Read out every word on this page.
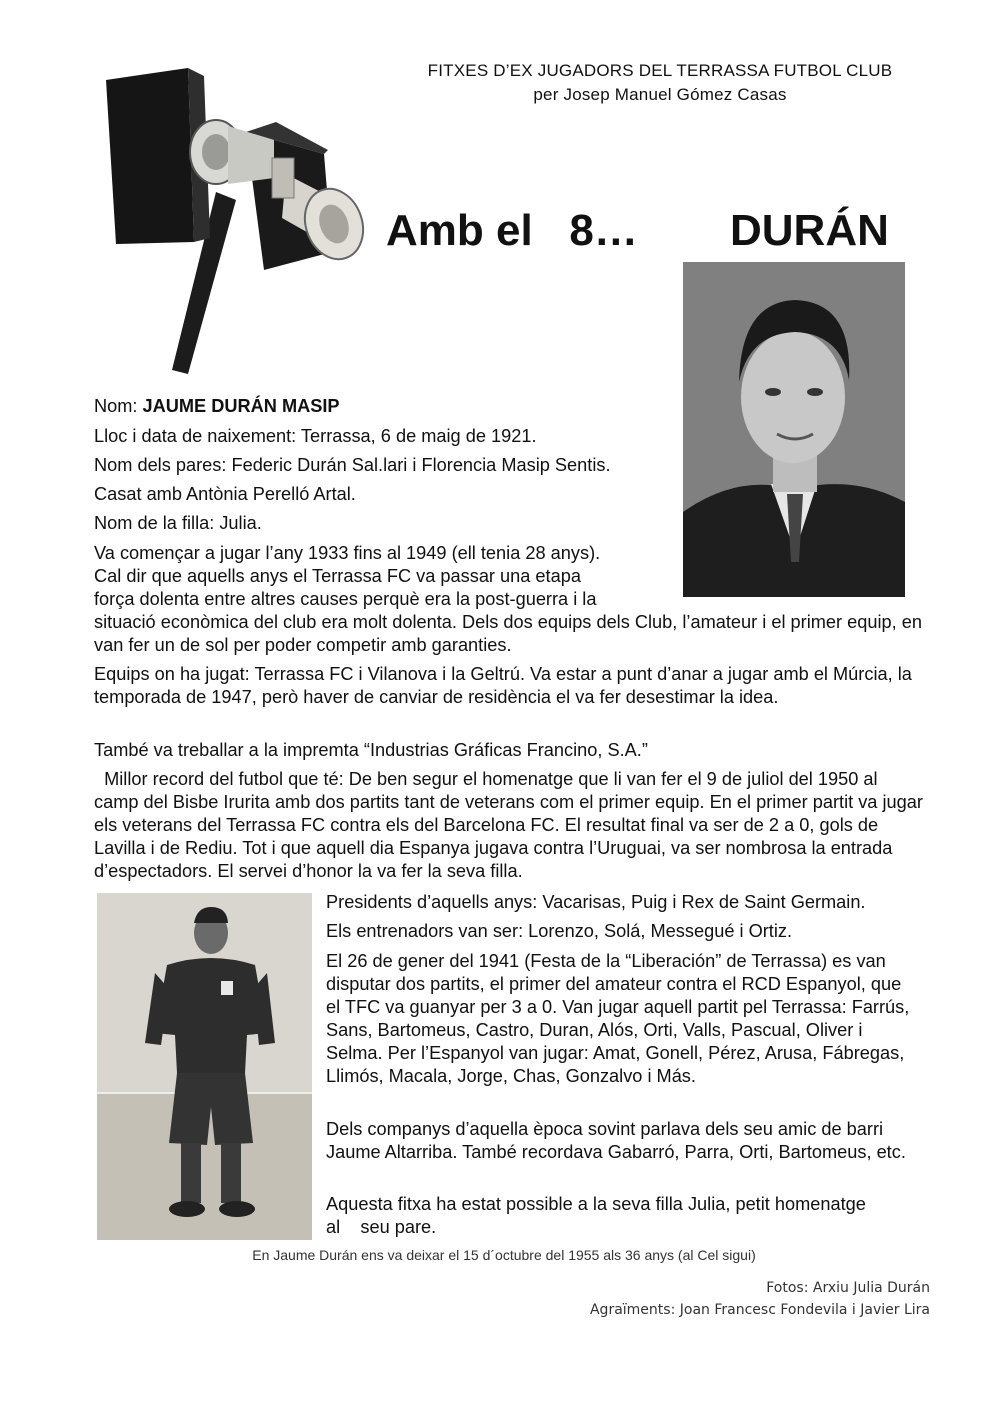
FITXES D’EX JUGADORS DEL TERRASSA FUTBOL CLUB
per Josep Manuel Gómez Casas
Amb el   8… DURÁN

Nom: JAUME DURÁN MASIP

Lloc i data de naixement: Terrassa, 6 de maig de 1921.

Nom dels pares: Federic Durán Sal.lari i Florencia Masip Sentis.

Casat amb Antònia Perelló Artal.

Nom de la filla: Julia.

Va començar a jugar l’any 1933 fins al 1949 (ell tenia 28 anys).

Cal dir que aquells anys el Terrassa FC va passar una etapa

força dolenta entre altres causes perquè era la post-guerra i la

situació econòmica del club era molt dolenta. Dels dos equips dels Club, l’amateur i el primer equip, en van fer un de sol per poder competir amb garanties.

Equips on ha jugat: Terrassa FC i Vilanova i la Geltrú. Va estar a punt d’anar a jugar amb el Múrcia, la temporada de 1947, però haver de canviar de residència el va fer desestimar la idea.

També va treballar a la impremta “Industrias Gráficas Francino, S.A.”

Millor record del futbol que té: De ben segur el homenatge que li van fer el 9 de juliol del 1950 al camp del Bisbe Irurita amb dos partits tant de veterans com el primer equip. En el primer partit va jugar els veterans del Terrassa FC contra els del Barcelona FC. El resultat final va ser de 2 a 0, gols de Lavilla i de Rediu. Tot i que aquell dia Espanya jugava contra l’Uruguai, va ser nombrosa la entrada d’espectadors. El servei d’honor la va fer la seva filla.

Presidents d’aquells anys: Vacarisas, Puig i Rex de Saint Germain.

Els entrenadors van ser: Lorenzo, Solá, Messegué i Ortiz.

El 26 de gener del 1941 (Festa de la “Liberación” de Terrassa) es van disputar dos partits, el primer del amateur contra el RCD Espanyol, que el TFC va guanyar per 3 a 0. Van jugar aquell partit pel Terrassa: Farrús, Sans, Bartomeus, Castro, Duran, Alós, Orti, Valls, Pascual, Oliver i Selma. Per l’Espanyol van jugar: Amat, Gonell, Pérez, Arusa, Fábregas, Llimós, Macala, Jorge, Chas, Gonzalvo i Más.

Dels companys d’aquella època sovint parlava dels seu amic de barri Jaume Altarriba. També recordava Gabarró, Parra, Orti, Bartomeus, etc.

Aquesta fitxa ha estat possible a la seva filla Julia, petit homenatge

al    seu pare.

En Jaume Durán ens va deixar el 15 d´octubre del 1955 als 36 anys (al Cel sigui)
Fotos: Arxiu Julia Durán
Agraïments: Joan Francesc Fondevila i Javier Lira
